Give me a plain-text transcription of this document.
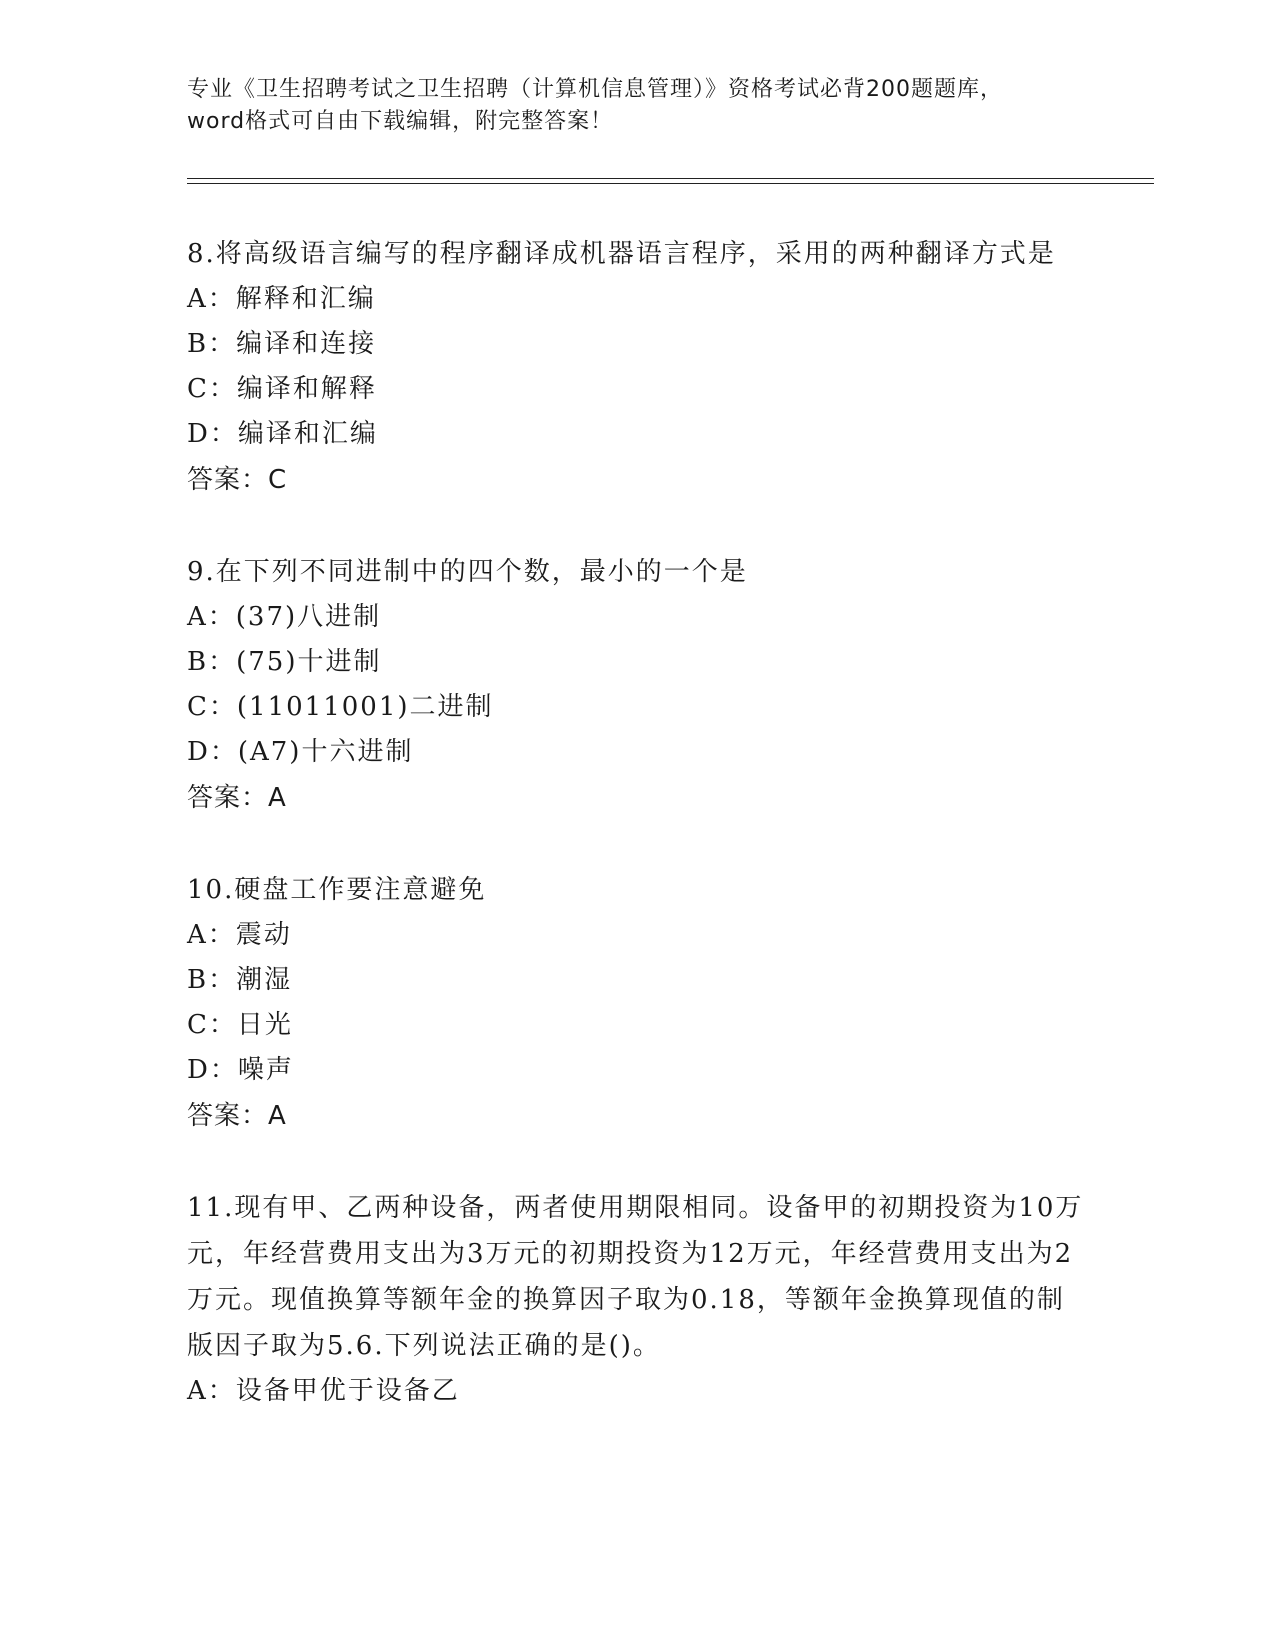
专业《卫生招聘考试之卫生招聘（计算机信息管理）》资格考试必背200题题库，
word格式可自由下载编辑，附完整答案！
8.将高级语言编写的程序翻译成机器语言程序，采用的两种翻译方式是
A：解释和汇编
B：编译和连接
C：编译和解释
D：编译和汇编
答案：C
9.在下列不同进制中的四个数，最小的一个是
A：(37)八进制
B：(75)十进制
C：(11011001)二进制
D：(A7)十六进制
答案：A
10.硬盘工作要注意避免
A：震动
B：潮湿
C：日光
D：噪声
答案：A
11.现有甲、乙两种设备，两者使用期限相同。设备甲的初期投资为10万元，年经营费用支出为3万元的初期投资为12万元，年经营费用支出为2万元。现值换算等额年金的换算因子取为0.18，等额年金换算现值的制版因子取为5.6.下列说法正确的是()。
A：设备甲优于设备乙
